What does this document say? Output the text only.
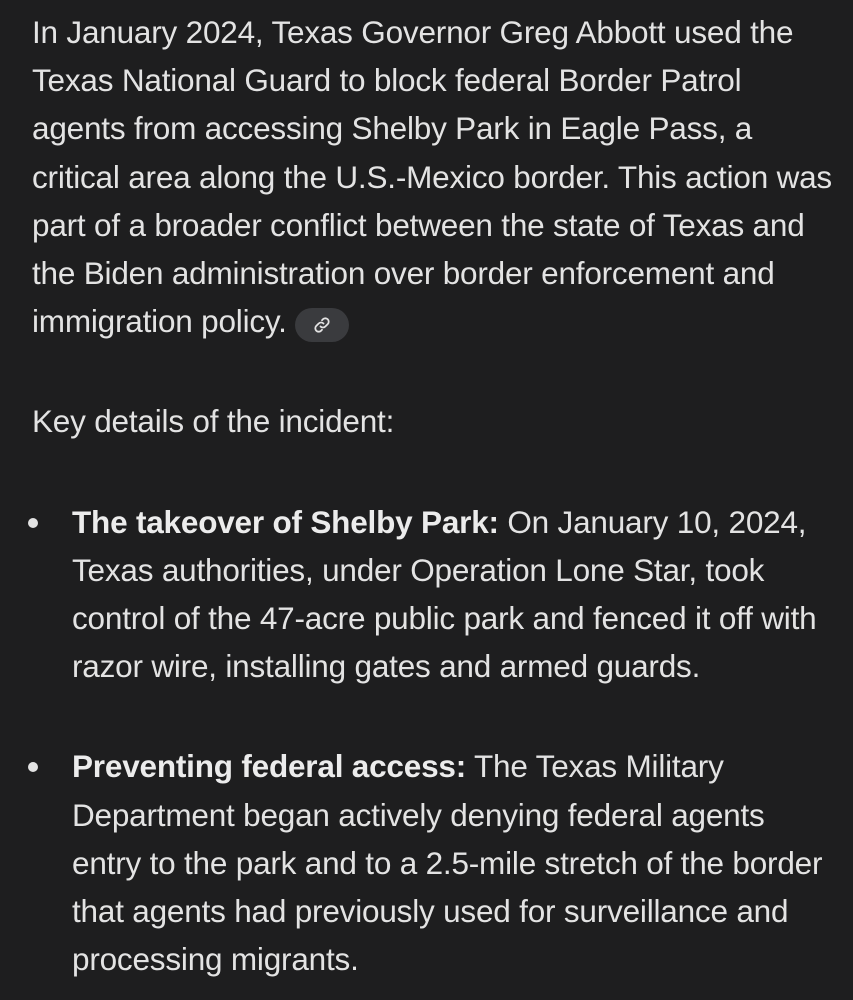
In January 2024, Texas Governor Greg Abbott used the Texas National Guard to block federal Border Patrol agents from accessing Shelby Park in Eagle Pass, a critical area along the U.S.-Mexico border. This action was part of a broader conflict between the state of Texas and the Biden administration over border enforcement and immigration policy.

Key details of the incident:

The takeover of Shelby Park: On January 10, 2024, Texas authorities, under Operation Lone Star, took control of the 47-acre public park and fenced it off with razor wire, installing gates and armed guards.
Preventing federal access: The Texas Military Department began actively denying federal agents entry to the park and to a 2.5-mile stretch of the border that agents had previously used for surveillance and processing migrants.
